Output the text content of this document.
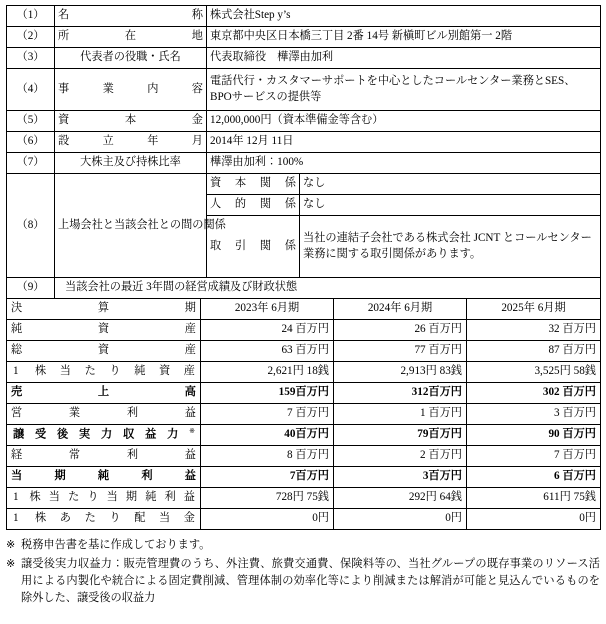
（1）	名称	株式会社Step y’s	
（2）	所在地	東京都中央区日本橋三丁目 2番 14号 新槇町ビル別館第一 2階	
（3）	代表者の役職・氏名	代表取締役　樺澤由加利	
（4）	事業内容	電話代行・カスタマーサポートを中心としたコールセンター業務とSES、BPOサービスの提供等	
（5）	資本金	12,000,000円（資本準備金等含む）	
（6）	設立年月	2014年 12月 11日	
（7）	大株主及び持株比率	樺澤由加利：100%	
（8）	上場会社と当該会社との間の関係	資本関係	なし
		人的関係	なし
		取引関係	当社の連結子会社である株式会社 JCNT とコールセンター業務に関する取引関係があります。
（9）	当該会社の最近 3年間の経営成績及び財政状態		
決算期	2023年 6月期	2024年 6月期	2025年 6月期
純資産	24 百万円	26 百万円	32 百万円
総資産	63 百万円	77 百万円	87 百万円
1 株当たり純資産	2,621円 18銭	2,913円 83銭	3,525円 58銭
売上高	159百万円	312百万円	302 百万円
営業利益	7 百万円	1 百万円	3 百万円
譲受後実力収益力※	40百万円	79百万円	90 百万円
経常利益	8 百万円	2 百万円	7 百万円
当期純利益	7百万円	3百万円	6 百万円
1 株当たり当期純利益	728円 75銭	292円 64銭	611円 75銭
1 株あたり配当金	0円	0円	0円
※ 税務申告書を基に作成しております。
※ 譲受後実力収益力：販売管理費のうち、外注費、旅費交通費、保険料等の、当社グループの既存事業のリソース活用による内製化や統合による固定費削減、管理体制の効率化等により削減または解消が可能と見込んでいるものを除外した、譲受後の収益力
